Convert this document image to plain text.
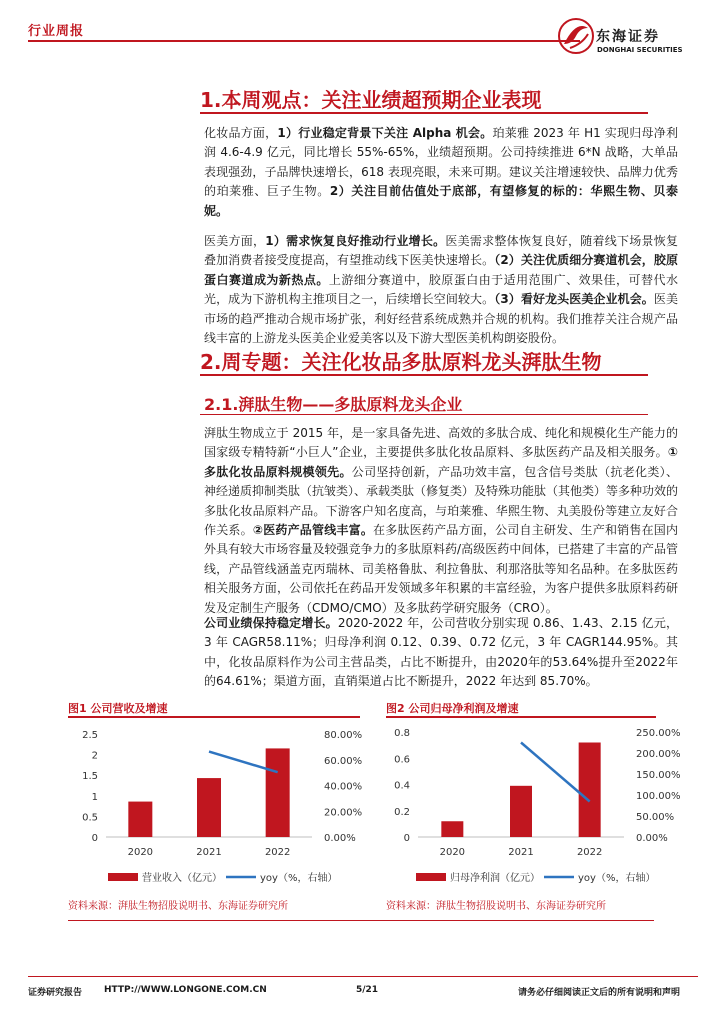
行业周报	东海证券
DONGHAI SECURITIES
1.本周观点：关注业绩超预期企业表现
化妆品方面，1）行业稳定背景下关注 Alpha 机会。珀莱雅 2023 年 H1 实现归母净利润 4.6-4.9 亿元，同比增长 55%-65%，业绩超预期。公司持续推进 6*N 战略，大单品表现强劲，子品牌快速增长，618 表现亮眼，未来可期。建议关注增速较快、品牌力优秀的珀莱雅、巨子生物。2）关注目前估值处于底部，有望修复的标的：华熙生物、贝泰妮。
医美方面，1）需求恢复良好推动行业增长。医美需求整体恢复良好，随着线下场景恢复叠加消费者接受度提高，有望推动线下医美快速增长。（2）关注优质细分赛道机会，胶原蛋白赛道成为新热点。上游细分赛道中，胶原蛋白由于适用范围广、效果佳，可替代水光，成为下游机构主推项目之一，后续增长空间较大。（3）看好龙头医美企业机会。医美市场的趋严推动合规市场扩张，利好经营系统成熟并合规的机构。我们推荐关注合规产品线丰富的上游龙头医美企业爱美客以及下游大型医美机构朗姿股份。
2.周专题：关注化妆品多肽原料龙头湃肽生物
2.1.湃肽生物——多肽原料龙头企业
湃肽生物成立于 2015 年，是一家具备先进、高效的多肽合成、纯化和规模化生产能力的国家级专精特新“小巨人”企业，主要提供多肽化妆品原料、多肽医药产品及相关服务。①多肽化妆品原料规模领先。公司坚持创新，产品功效丰富，包含信号类肽（抗老化类）、神经递质抑制类肽（抗皱类）、承载类肽（修复类）及特殊功能肽（其他类）等多种功效的多肽化妆品原料产品。下游客户知名度高，与珀莱雅、华熙生物、丸美股份等建立友好合作关系。②医药产品管线丰富。在多肽医药产品方面，公司自主研发、生产和销售在国内外具有较大市场容量及较强竞争力的多肽原料药/高级医药中间体，已搭建了丰富的产品管线，产品管线涵盖克丙瑞林、司美格鲁肽、利拉鲁肽、利那洛肽等知名品种。在多肽医药相关服务方面，公司依托在药品开发领域多年积累的丰富经验，为客户提供多肽原料药研发及定制生产服务（CDMO/CMO）及多肽药学研究服务（CRO）。
公司业绩保持稳定增长。2020-2022 年，公司营收分别实现 0.86、1.43、2.15 亿元，3 年 CAGR58.11%；归母净利润 0.12、0.39、0.72 亿元，3 年 CAGR144.95%。其中，化妆品原料作为公司主营品类，占比不断提升，由2020年的53.64%提升至2022年的64.61%；渠道方面，直销渠道占比不断提升，2022 年达到 85.70%。
图1 公司营收及增速
2.5
2
1.5
1
0.5
0
80.00%
60.00%
40.00%
20.00%
0.00%
2020	2021	2022
营业收入（亿元）	yoy（%，右轴）
图2 公司归母净利润及增速
0.8
0.6
0.4
0.2
0
250.00%
200.00%
150.00%
100.00%
50.00%
0.00%
2020	2021	2022
归母净利润（亿元）	yoy（%，右轴）
资料来源：湃肽生物招股说明书、东海证券研究所	资料来源：湃肽生物招股说明书、东海证券研究所
证券研究报告 HTTP://WWW.LONGONE.COM.CN	5/21	请务必仔细阅读正文后的所有说明和声明
